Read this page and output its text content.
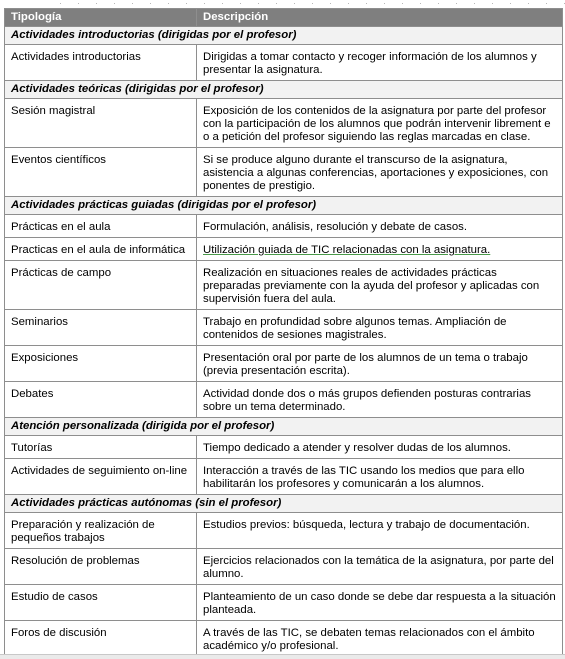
Tipología	Descripción
Actividades introductorias (dirigidas por el profesor)	
Actividades introductorias	Dirigidas a tomar contacto y recoger información de los alumnos y presentar la asignatura.
Actividades teóricas (dirigidas por el profesor)	
Sesión magistral	Exposición de los contenidos de la asignatura por parte del profesor con la participación de los alumnos que podrán intervenir librement e o a petición del profesor siguiendo las reglas marcadas en clase.
Eventos científicos	Si se produce alguno durante el transcurso de la asignatura, asistencia a algunas conferencias, aportaciones y exposiciones, con ponentes de prestigio.
Actividades prácticas guiadas (dirigidas por el profesor)	
Prácticas en el aula	Formulación, análisis, resolución y debate de casos.
Practicas en el aula de informática	Utilización guiada de TIC relacionadas con la asignatura.
Prácticas de campo	Realización en situaciones reales de actividades prácticas preparadas previamente con la ayuda del profesor y aplicadas con supervisión fuera del aula.
Seminarios	Trabajo en profundidad sobre algunos temas. Ampliación de contenidos de sesiones magistrales.
Exposiciones	Presentación oral por parte de los alumnos de un tema o trabajo (previa presentación escrita).
Debates	Actividad donde dos o más grupos defienden posturas contrarias sobre un tema determinado.
Atención personalizada (dirigida por el profesor)	
Tutorías	Tiempo dedicado a atender y resolver dudas de los alumnos.
Actividades de seguimiento on-line	Interacción a través de las TIC usando los medios que para ello habilitarán los profesores y comunicarán a los alumnos.
Actividades prácticas autónomas (sin el profesor)	
Preparación y realización de pequeños trabajos	Estudios previos: búsqueda, lectura y trabajo de documentación.
Resolución de problemas	Ejercicios relacionados con la temática de la asignatura, por parte del alumno.
Estudio de casos	Planteamiento de un caso donde se debe dar respuesta a la situación planteada.
Foros de discusión	A través de las TIC, se debaten temas relacionados con el ámbito académico y/o profesional.
